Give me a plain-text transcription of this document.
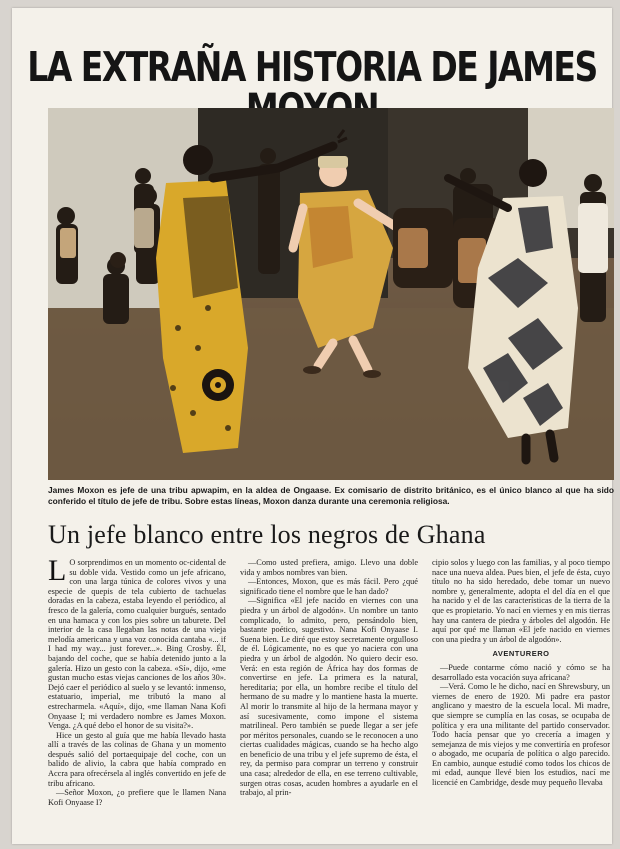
LA EXTRAÑA HISTORIA DE JAMES
James Moxon es jefe de una tribu apwapim, en la aldea de Ongaase. Ex comisario de distrito británico, es el único blanco al que ha sido conferido el título de jefe de tribu. Sobre estas líneas, Moxon danza durante una ceremonia religiosa.
Un jefe blanco entre los negros de Ghana

L O sorprendimos en un momento oc-cidental de su doble vida. Vestido como un jefe africano, con una larga túnica de colores vivos y una especie de quepis de tela cubierto de tachuelas doradas en la cabeza, estaba leyendo el periódico, al fresco de la galería, como cualquier burgués, sentado en una hamaca y con los pies sobre un taburete. Del interior de la casa llegaban las notas de una vieja melodía americana y una voz conocida cantaba «... if I had my way... just forever...». Bing Crosby. Él, bajando del coche, que se había detenido junto a la galería. Hizo un gesto con la cabeza. «Sí», dijo, «me gustan mucho estas viejas canciones de los años 30». Dejó caer el periódico al suelo y se levantó: inmenso, estatuario, imperial, me tributó la mano al estrecharmela. «Aquí», dijo, «me llaman Nana Kofi Onyaase I; mi verdadero nombre es James Moxon. Venga. ¿A qué debo el honor de su visita?».

Hice un gesto al guía que me había llevado hasta allí a través de las colinas de Ghana y un momento después salió del portaequipaje del coche, con un balido de alivio, la cabra que había comprado en Accra para ofrecérsela al inglés convertido en jefe de tribu africano.

—Señor Moxon, ¿o prefiere que le llamen Nana Kofi Onyaase I?

—Como usted prefiera, amigo. Llevo una doble vida y ambos nombres van bien.

—Entonces, Moxon, que es más fácil. Pero ¿qué significado tiene el nombre que le han dado?

—Significa «El jefe nacido en viernes con una piedra y un árbol de algodón». Un nombre un tanto complicado, lo admito, pero, pensándolo bien, bastante poético, sugestivo. Nana Kofi Onyaase I. Suena bien. Le diré que estoy secretamente orgulloso de él. Lógicamente, no es que yo naciera con una piedra y un árbol de algodón. No quiero decir eso. Verá: en esta región de África hay dos formas de convertirse en jefe. La primera es la natural, hereditaria; por ella, un hombre recibe el título del hermano de su madre y lo mantiene hasta la muerte. Al morir lo transmite al hijo de la hermana mayor y así sucesivamente, como impone el sistema matrilineal. Pero también se puede llegar a ser jefe por méritos personales, cuando se le reconocen a uno ciertas cualidades mágicas, cuando se ha hecho algo en beneficio de una tribu y el jefe supremo de ésta, el rey, da permiso para comprar un terreno y construir una casa; alrededor de ella, en ese terreno cultivable, surgen otras cosas, acuden hombres a ayudarle en el trabajo, al prin-

cipio solos y luego con las familias, y al poco tiempo nace una nueva aldea. Pues bien, el jefe de ésta, cuyo título no ha sido heredado, debe tomar un nuevo nombre y, generalmente, adopta el del día en el que ha nacido y el de las características de la tierra de la que es propietario. Yo nací en viernes y en mis tierras hay una cantera de piedra y árboles del algodón. He aquí por qué me llaman «El jefe nacido en viernes con una piedra y un árbol de algodón».

AVENTURERO

—Puede contarme cómo nació y cómo se ha desarrollado esta vocación suya africana?

—Verá. Como le he dicho, nací en Shrewsbury, un viernes de enero de 1920. Mi padre era pastor anglicano y maestro de la escuela local. Mi madre, que siempre se cumplía en las cosas, se ocupaba de política y era una militante del partido conservador. Todo hacía pensar que yo crecería a imagen y semejanza de mis viejos y me convertiría en profesor o abogado, me ocuparía de política o algo parecido. En cambio, aunque estudié como todos los chicos de mi edad, aunque llevé bien los estudios, nací me licencié en Cambridge, desde muy pequeño llevaba
